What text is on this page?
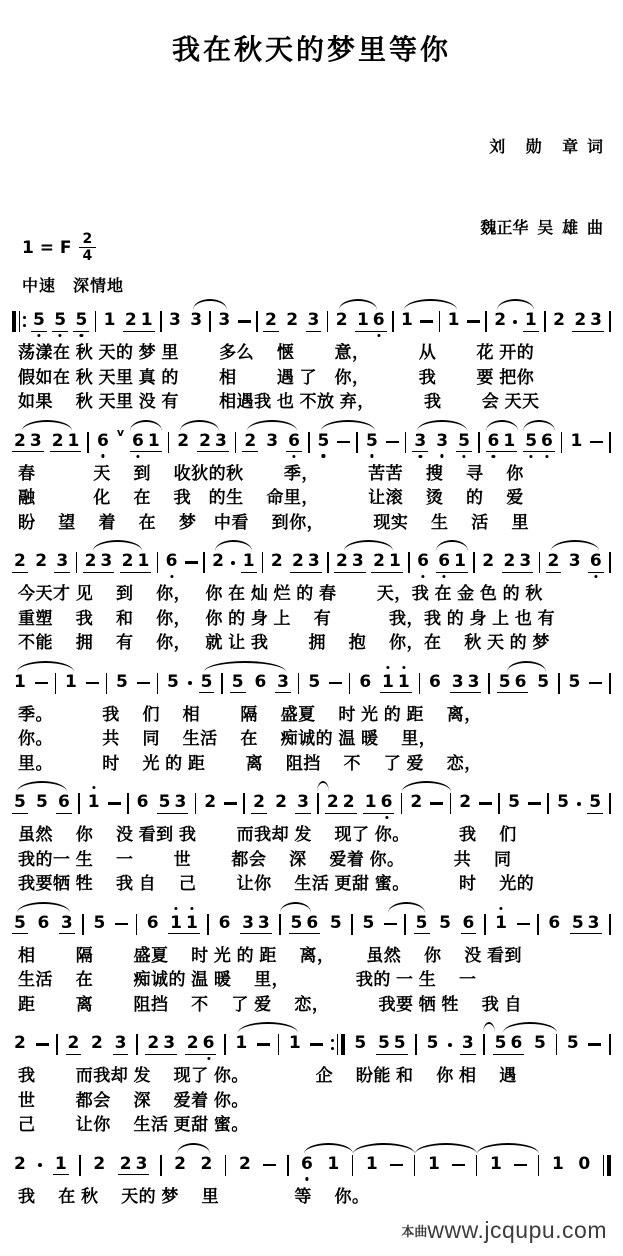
我在秋天的梦里等你
1 = F $\frac{2}{4}$
中速　深情地

刘　 勋　 章  词

魏正华  吴  雄  曲

5 5 5 1 2 1 3 3 3 2 2 3 2 1 6 1 1 2 1 2 2 3
荡漾在 秋 天的 梦 里　　 多么　 惬　　 意，　　　 从　　 花 开的
假如在 秋 天里 真 的　　 相　　 遇 了　你，　　　 我　　 要 把你
如果　 秋 天里 没 有　　 相遇我 也 不放 弃，　　　 我　　 会 天天
2 3 2 1 6 v 6 1 2 2 3 2 3 6 5 5 3 3 5 6 1 5 6 1
春　　　 天　 到　 收狄的秋　　 季，　　　 苦苦　 搜　 寻　 你
融　　　 化　 在　 我　的生　 命里，　　　 让滚　 烫　 的　 爱
盼　 望　 着　 在　 梦　中看　 到你，　　　 现实　 生　 活　 里
2 2 3 2 3 2 1 6 2 1 2 2 3 2 3 2 1 6 6 1 2 2 3 2 3 6
今天才 见　 到　 你，　 你 在 灿 烂 的 春　　 天，我 在 金 色 的 秋
重塑　 我　 和　 你，　 你 的 身 上　 有　　　 我，我 的 身 上 也 有
不能　 拥　 有　 你，　 就 让 我　　 拥　 抱　 你，在　 秋 天 的 梦
1 1 5 5 5 5 6 3 5 6 1 1 6 3 3 5 6 5 5
季。　　　 我　 们　 相　　 隔　 盛夏　 时 光 的 距　 离，
你。　　　 共　 同　 生活　 在　 痴诚的 温 暖　 里，
里。　　　 时　 光 的 距　　 离　 阻挡　 不　 了 爱　 恋，
5 5 6 1 6 5 3 2 2 2 3 2 2 1 6 2 2 5 5 5
虽然　 你　 没 看到 我　　 而我却 发　 现了 你。　　　 我　 们
我的一 生　 一　　 世　　 都会　 深　 爱着 你。　　　 共　 同
我要牺 牲　 我 自　 己　　 让你　 生活 更甜 蜜。　　　 时　 光的
5 6 3 5 6 1 1 6 3 3 5 6 5 5 5 5 6 1 6 5 3
相　　 隔　　 盛夏　 时 光 的 距　 离，　　 虽然　 你　 没 看到
生活　 在　　 痴诚的 温 暖　 里，　　　　 我的 一 生　 一
距　　 离　　 阻挡　 不　 了 爱　 恋，　　　 我要 牺 牲　 我 自
2 2 2 3 2 3 2 6 1 1	5 5 5 5 3 5 6 5 5
我　　 而我却 发　 现了 你。　　　　 企　 盼能 和　 你 相　 遇
世　　 都会　 深　 爱着 你。
己　　 让你　 生活 更甜 蜜。
2 1 2 2 3 2 2 2	6 1 1	1	1	1 0
我　 在 秋　 天的 梦　 里　　　　 等　 你。
本曲www.jcqupu.com
